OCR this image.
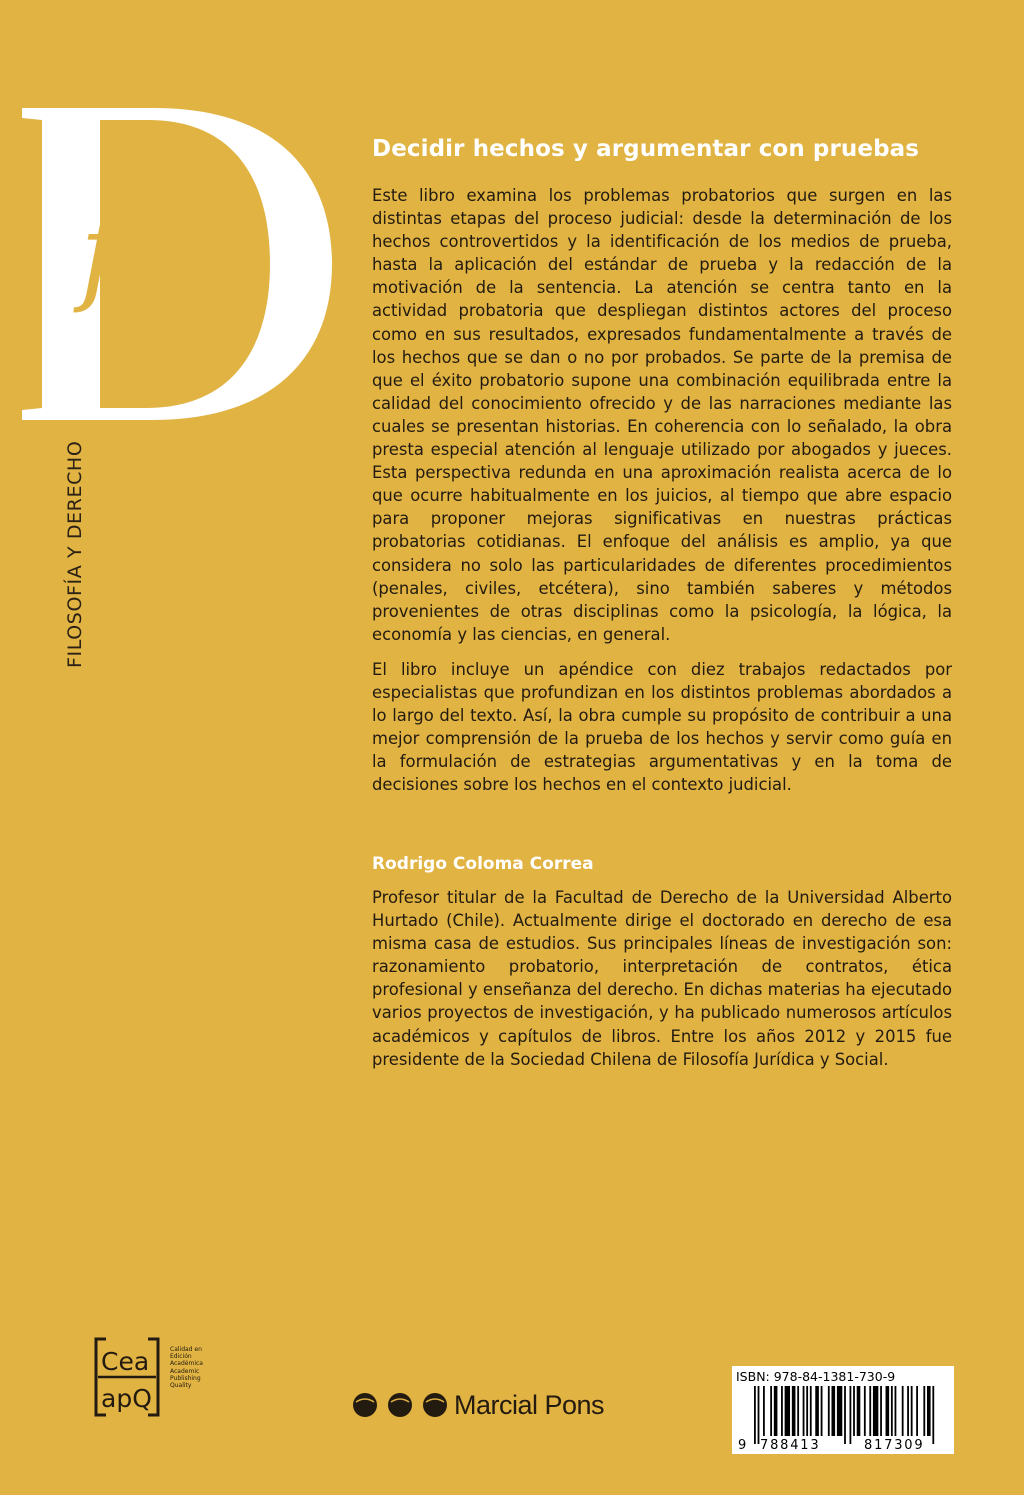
f
FILOSOFÍA Y DERECHO
Decidir hechos y argumentar con pruebas

Este libro examina los problemas probatorios que surgen en las distintas etapas del proceso judicial: desde la determinación de los hechos controvertidos y la identificación de los medios de prueba, hasta la aplicación del estándar de prueba y la redacción de la motivación de la sentencia. La atención se centra tanto en la actividad probatoria que despliegan distintos actores del proceso como en sus resultados, expresados fundamentalmente a través de los hechos que se dan o no por probados. Se parte de la premisa de que el éxito probatorio supone una combinación equilibrada entre la calidad del conocimiento ofrecido y de las narraciones mediante las cuales se presentan historias. En coherencia con lo señalado, la obra presta especial atención al lenguaje utilizado por abogados y jueces. Esta perspectiva redunda en una aproximación realista acerca de lo que ocurre habitualmente en los juicios, al tiempo que abre espacio para proponer mejoras significativas en nuestras prácticas probatorias cotidianas. El enfoque del análisis es amplio, ya que considera no solo las particularidades de diferentes procedimientos (penales, civiles, etcétera), sino también saberes y métodos provenientes de otras disciplinas como la psicología, la lógica, la economía y las ciencias, en general.

El libro incluye un apéndice con diez trabajos redactados por especialistas que profundizan en los distintos problemas abordados a lo largo del texto. Así, la obra cumple su propósito de contribuir a una mejor comprensión de la prueba de los hechos y servir como guía en la formulación de estrategias argumentativas y en la toma de decisiones sobre los hechos en el contexto judicial.

Rodrigo Coloma Correa

Profesor titular de la Facultad de Derecho de la Universidad Alberto Hurtado (Chile). Actualmente dirige el doctorado en derecho de esa misma casa de estudios. Sus principales líneas de investigación son: razonamiento probatorio, interpretación de contratos, ética profesional y enseñanza del derecho. En dichas materias ha ejecutado varios proyectos de investigación, y ha publicado numerosos artículos académicos y capítulos de libros. Entre los años 2012 y 2015 fue presidente de la Sociedad Chilena de Filosofía Jurídica y Social.

ISBN: 978-84-1381-730-9
9 788413	817309
Cea
apQ
Calidad en
Edición
Académica
Academic
Publishing
Quality
Marcial Pons
